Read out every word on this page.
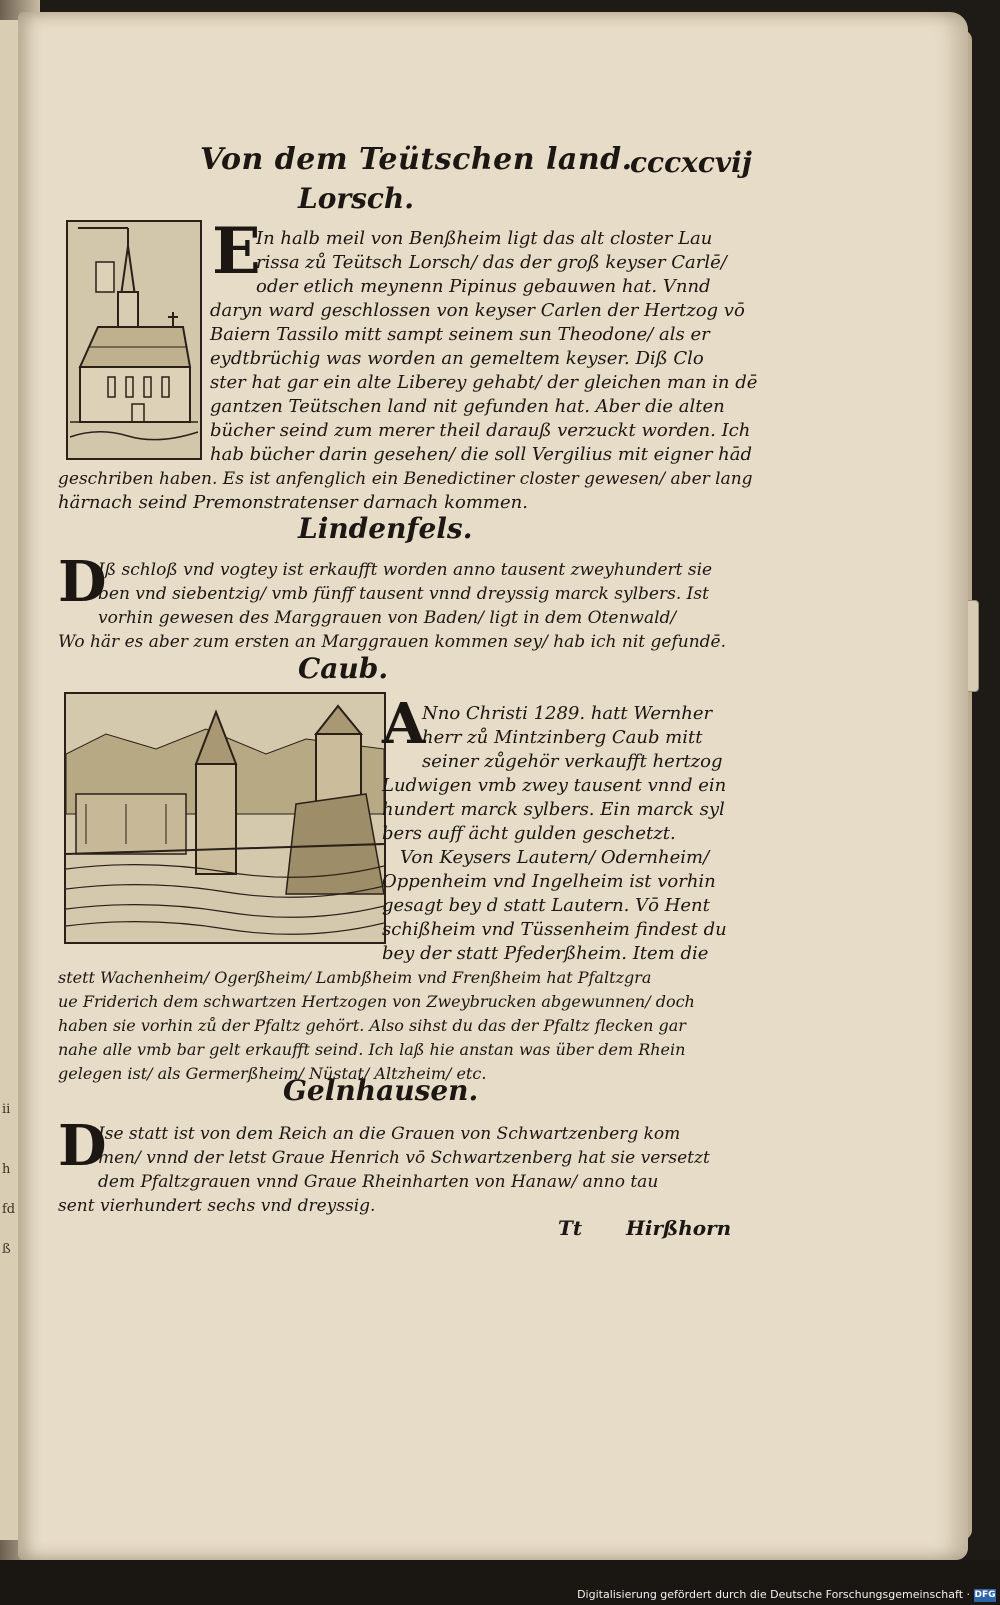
ii
h
fd
ß
Von dem Teütschen land.
cccxcvij
Lorsch.
E
In halb meil von Benßheim ligt das alt closter Lau
rissa zů Teütsch Lorsch/ das der groß keyser Carlē/
oder etlich meynenn Pipinus gebauwen hat. Vnnd
daryn ward geschlossen von keyser Carlen der Hertzog vō
Baiern Tassilo mitt sampt seinem sun Theodone/ als er
eydtbrüchig was worden an gemeltem keyser. Diß Clo
ster hat gar ein alte Liberey gehabt/ der gleichen man in dē
gantzen Teütschen land nit gefunden hat. Aber die alten
bücher seind zum merer theil darauß verzuckt worden. Ich
hab bücher darin gesehen/ die soll Vergilius mit eigner hād
geschriben haben. Es ist anfenglich ein Benedictiner closter gewesen/ aber lang
härnach seind Premonstratenser darnach kommen.
Lindenfels.
D
Iß schloß vnd vogtey ist erkaufft worden anno tausent zweyhundert sie
ben vnd siebentzig/ vmb fünff tausent vnnd dreyssig marck sylbers. Ist
vorhin gewesen des Marggrauen von Baden/ ligt in dem Otenwald/
Wo här es aber zum ersten an Marggrauen kommen sey/ hab ich nit gefundē.
Caub.
A
Nno Christi 1289. hatt Wernher
herr zů Mintzinberg Caub mitt
seiner zůgehör verkaufft hertzog
Ludwigen vmb zwey tausent vnnd ein
hundert marck sylbers. Ein marck syl
bers auff ächt gulden geschetzt.
Von Keysers Lautern/ Odernheim/
Oppenheim vnd Ingelheim ist vorhin
gesagt bey d statt Lautern. Vō Hent
schißheim vnd Tüssenheim findest du
bey der statt Pfederßheim. Item die
stett Wachenheim/ Ogerßheim/ Lambßheim vnd Frenßheim hat Pfaltzgra
ue Friderich dem schwartzen Hertzogen von Zweybrucken abgewunnen/ doch
haben sie vorhin zů der Pfaltz gehört. Also sihst du das der Pfaltz flecken gar
nahe alle vmb bar gelt erkaufft seind. Ich laß hie anstan was über dem Rhein
gelegen ist/ als Germerßheim/ Nüstat/ Altzheim/ etc.
Gelnhausen.
D
Ise statt ist von dem Reich an die Grauen von Schwartzenberg kom
men/ vnnd der letst Graue Henrich vō Schwartzenberg hat sie versetzt
dem Pfaltzgrauen vnnd Graue Rheinharten von Hanaw/ anno tau
sent vierhundert sechs vnd dreyssig.
Tt Hirßhorn
Digitalisierung gefördert durch die Deutsche Forschungsgemeinschaft · DFG
